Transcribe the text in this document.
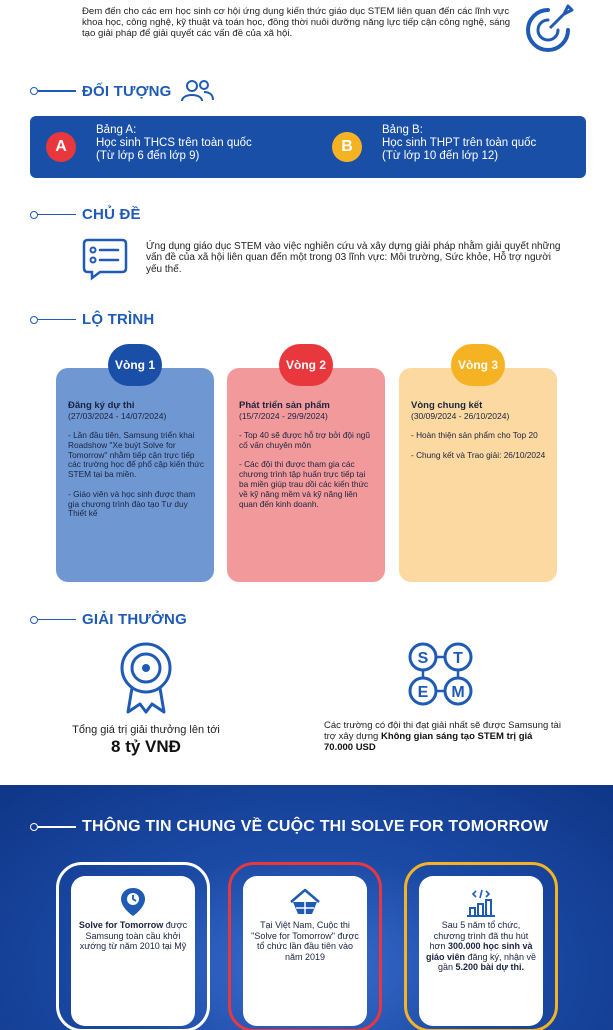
Đem đến cho các em học sinh cơ hội ứng dụng kiến thức giáo dục STEM liên quan đến các lĩnh vực khoa học, công nghệ, kỹ thuật và toán học, đồng thời nuôi dưỡng năng lực tiếp cận công nghệ, sáng tạo giải pháp để giải quyết các vấn đề của xã hội.
ĐỐI TƯỢNG
A
Bảng A:
Học sinh THCS trên toàn quốc
(Từ lớp 6 đến lớp 9)
B
Bảng B:
Học sinh THPT trên toàn quốc
(Từ lớp 10 đến lớp 12)
CHỦ ĐỀ
Ứng dụng giáo dục STEM vào việc nghiên cứu và xây dựng giải pháp nhằm giải quyết những vấn đề của xã hội liên quan đến một trong 03 lĩnh vực: Môi trường, Sức khỏe, Hỗ trợ người yếu thế.
LỘ TRÌNH
Đăng ký dự thi
(27/03/2024 - 14/07/2024)
- Lần đầu tiên, Samsung triển khai Roadshow "Xe buýt Solve for Tomorrow" nhằm tiếp cận trực tiếp các trường học để phổ cập kiến thức STEM tại ba miền.

- Giáo viên và học sinh được tham gia chương trình đào tạo Tư duy Thiết kế
Vòng 1
Phát triển sản phẩm
(15/7/2024 - 29/9/2024)
- Top 40 sẽ được hỗ trợ bởi đội ngũ cố vấn chuyên môn

- Các đội thi được tham gia các chương trình tập huấn trực tiếp tại ba miền giúp trau dồi các kiến thức về kỹ năng mềm và kỹ năng liên quan đến kinh doanh.
Vòng 2
Vòng chung kết
(30/09/2024 - 26/10/2024)
- Hoàn thiện sản phẩm cho Top 20

- Chung kết và Trao giải: 26/10/2024
Vòng 3
GIẢI THƯỞNG
Tổng giá trị giải thưởng lên tới
8 tỷ VNĐ
S T
E M
Các trường có đội thi đạt giải nhất sẽ được Samsung tài trợ xây dựng Không gian sáng tạo STEM trị giá 70.000 USD
THÔNG TIN CHUNG VỀ CUỘC THI SOLVE FOR TOMORROW
Solve for Tomorrow được Samsung toàn cầu khởi xướng từ năm 2010 tại Mỹ
Tại Việt Nam, Cuộc thi "Solve for Tomorrow" được tổ chức lần đầu tiên vào năm 2019
Sau 5 năm tổ chức, chương trình đã thu hút hơn 300.000 học sinh và giáo viên đăng ký, nhận về gần 5.200 bài dự thi.
